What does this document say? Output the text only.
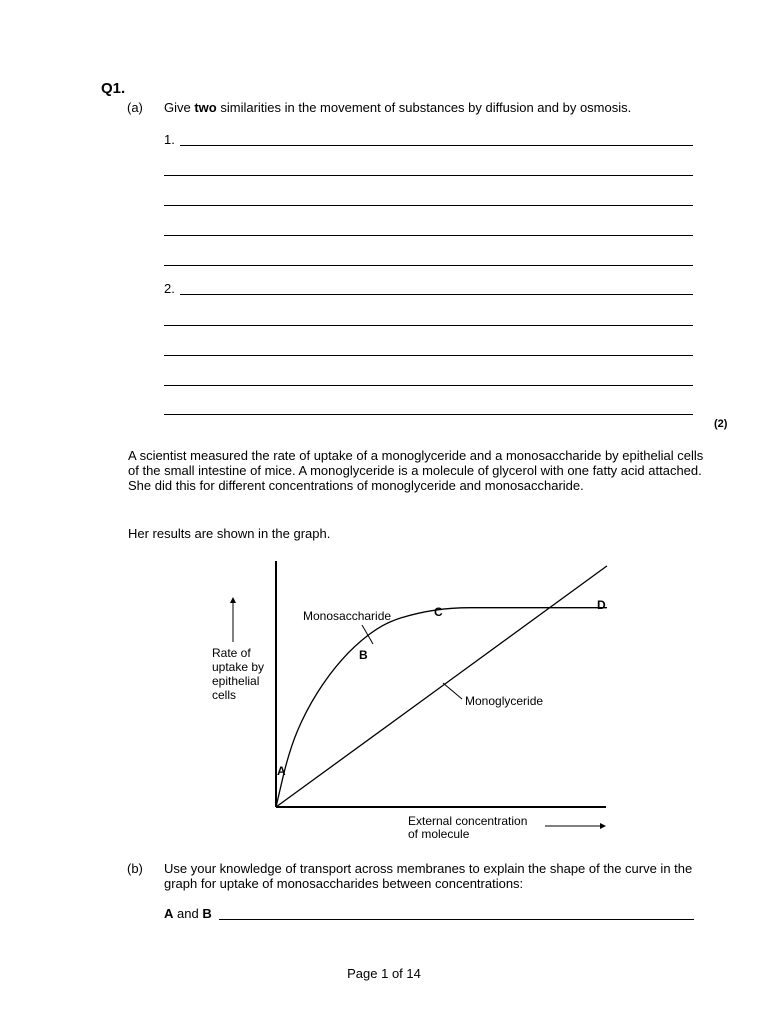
Q1.
(a) Give two similarities in the movement of substances by diffusion and by osmosis.
1.
2.
(2)
A scientist measured the rate of uptake of a monoglyceride and a monosaccharide by epithelial cells of the small intestine of mice. A monoglyceride is a molecule of glycerol with one fatty acid attached. She did this for different concentrations of monoglyceride and monosaccharide.
Her results are shown in the graph.
Rate of
uptake by
epithelial
cells
External concentration
of molecule
Monosaccharide
Monoglyceride
A
B
C	D
(b) Use your knowledge of transport across membranes to explain the shape of the curve in the graph for uptake of monosaccharides between concentrations:
A and B
Page 1 of 14
